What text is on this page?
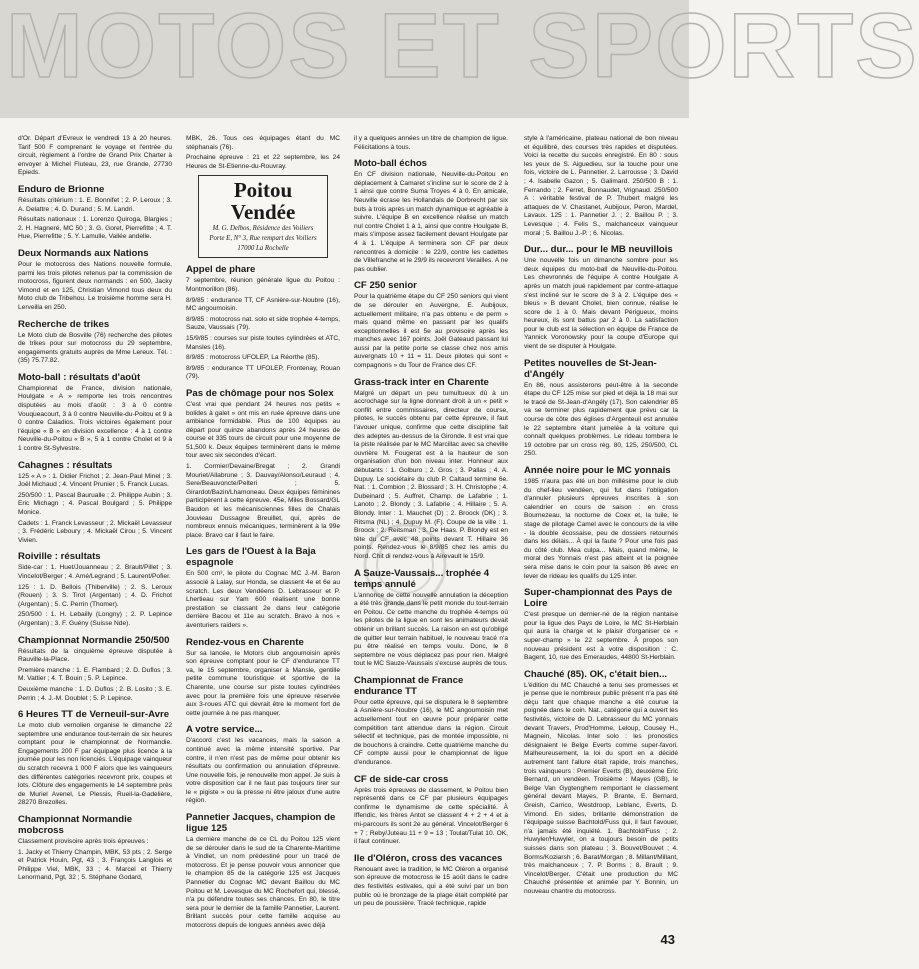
MOTOS ET SPORTS

d'Or. Départ d'Evreux le vendredi 13 à 20 heures. Tarif 500 F comprenant le voyage et l'entrée du circuit, règlement à l'ordre de Grand Prix Charter à envoyer à Michel Fluteau, 23, rue Grande, 27730 Epieds.

Enduro de Brionne

Résultats critérium : 1. E. Bonnifet ; 2. P. Leroux ; 3. A. Delattre ; 4. D. Durand ; 5. M. Landri.

Résultats nationaux : 1. Lorenzo Quiroga, Blargies ; 2. H. Hagneré, MC 50 ; 3. G. Goret, Pierrefitte ; 4. T. Hue, Pierrefitte ; 5. Y. Lamulle, Vallée andelle.

Deux Normands aux Nations

Pour le motocross des Nations nouvelle formule, parmi les trois pilotes retenus par la commission de motocross, figurent deux normands : en 500, Jacky Vimond et en 125, Christian Vimond tous deux du Moto club de Tribehou. Le troisième homme sera H. Lerveilla en 250.

Recherche de trikes

Le Moto club de Bosville (76) recherche des pilotes de trikes pour sur motocross du 29 septembre, engagements gratuits auprès de Mme Lereux. Tél. : (35) 75.77.82.

Moto-ball : résultats d'août

Championnat de France, division nationale, Houlgate « A » remporte les trois rencontres disputées au mois d'août : 3 à 0 contre Vouqueacourt, 3 à 0 contre Neuville-du-Poitou et 9 à 0 contre Caladios. Trois victoires également pour l'équipe « B » en division excellence : 4 à 1 contre Neuville-du-Poitou « B », 5 à 1 contre Cholet et 9 à 1 contre St-Sylvestre.

Cahagnes : résultats

125 « A » : 1. Didier Frichot ; 2. Jean-Paul Minel ; 3. Joël Michaud ; 4. Vincent Prunier ; 5. Franck Lucas.

250/500 : 1. Pascal Baurualle ; 2. Philippe Aubin ; 3. Eric Michagn ; 4. Pascal Boulgard ; 5. Philippe Monice.

Cadets : 1. Franck Levasseur ; 2. Mickaël Levasseur ; 3. Frédéric Leboury ; 4. Mickaël Cirou ; 5. Vincent Vivien.

Roiville : résultats

Side-car : 1. Huet/Jouanneau ; 2. Brault/Pillet ; 3. Vincelot/Berger ; 4. Amé/Legrand ; 5. Laurent/Pofier.

125 : 1. D. Bellois (Thiberville) ; 2. S. Leroux (Rouen) ; 3. S. Tirot (Argentan) ; 4. D. Frichot (Argentan) ; 5. C. Perrin (Thomer).

250/500 : 1. H. Lebailly (Longny) ; 2. P. Lepince (Argentan) ; 3. F. Guény (Suisse Nde).

Championnat Normandie 250/500

Résultats de la cinquième épreuve disputée à Rauville-la-Place.

Première manche : 1. E. Flambard ; 2. D. Duflos ; 3. M. Vattier ; 4. T. Bouin ; 5. P. Lepince.

Deuxième manche : 1. D. Duflos ; 2. B. Losito ; 3. E. Perrin ; 4. J.-M. Doublet ; 5. P. Lepince.

6 Heures TT de Verneuil-sur-Avre

Le moto club vernolien organise le dimanche 22 septembre une endurance tout-terrain de six heures comptant pour le championnat de Normandie. Engagements 200 F par équipage plus licence à la journée pour les non licenciés. L'équipage vainqueur du scratch recevra 1 000 F alors que les vainqueurs des différentes catégories recevront prix, coupes et lots. Clôture des engagements le 14 septembre près de Muriel Avenel, Le Plessis, Rueil-la-Gadelière, 28270 Brezolles.

Championnat Normandie mobcross

Classement provisoire après trois épreuves :

1. Jacky et Thierry Champin, MBK, 53 pts ; 2. Serge et Patrick Houin, Pgt, 43 ; 3. François Langlois et Philippe Viel, MBK, 33 ; 4. Marcel et Thierry Lenormand, Pgt, 32 ; 5. Stéphane Godard,

MBK, 26. Tous ces équipages étant du MC stéphanais (76).

Prochaine épreuve : 21 et 22 septembre, les 24 Heures de St-Etienne-du-Rouvray.

Poitou
Vendée
M. G. Delbos, Résidence des Voiliers
Porte E, N° 3, Rue rempart des Voiliers
17000 La Rochelle
Appel de phare

7 septembre, réunion générale ligue du Poitou : Montmorillon (86).

8/9/85 : endurance TT, CF Asnière-sur-Noubre (16), MC angoumoisin.

8/9/85 : motocross nat. solo et side trophée 4-temps, Sauze, Vaussais (79).

15/9/85 : courses sur piste toutes cylindrées et ATC, Mansles (16).

8/9/85 : motocross UFOLEP, La Réorthe (85).

8/9/85 : endurance TT UFOLEP, Frontenay, Rouan (79).

Pas de chômage pour nos Solex

C'est vrai que pendant 24 heures nos petits « bolides à galet » ont mis en ruée épreuve dans une ambiance formidable. Plus de 100 équipes au départ pour quinze abandons après 24 heures de course et 335 tours de circuit pour une moyenne de 51,500 k. Deux équipes terminèrent dans le même tour avec six secondes d'écart.

1. Cormier/Devaine/Bregat ; 2. Grandi Mouriet/Allabrune ; 3. Dauvay/Alonso/Leuraud ; 4. Sere/Beauvoncte/Pelteri ; 5. Girardot/Bazin/Lhamoneau. Deux équipes féminines participèrent à cette épreuve. 45e, Miles Bossard/GL Baudon et les mécanisciennes filles de Chalais Jouvieau Dussagne Breuillet, qui, après de nombreux ennuis mécaniques, terminèrent à la 99e place. Bravo car il faut le faire.

Les gars de l'Ouest à la Baja espagnole

En 500 cm³, le pilote du Cognac MC J.-M. Baron associé à Lalay, sur Honda, se classent 4e et 6e au scratch. Les deux Vendéens D. Lebrasseur et P. Lhertieau sur Yam 600 réalisent une bonne prestation se classant 2e dans leur catégorie derrière Bacou et 11e au scratch. Bravo à nos « aventuriers raiders ».

Rendez-vous en Charente

Sur sa lancée, le Motors club angoumoisin après son épreuve comptant pour le CF d'endurance TT va, le 15 septembre, organiser à Mansle, gentille petite commune touristique et sportive de la Charente, une course sur piste toutes cylindrées avec pour la première fois une épreuve réservée aux 3-roues ATC qui devrait être le moment fort de cette journée à ne pas manquer.

A votre service...

D'accord c'est les vacances, mais la saison a continué avec la même intensité sportive. Par contre, il n'en n'est pas de même pour obtenir les résultats ou confirmation ou annulation d'épreuve. Une nouvelle fois, je renouvelle mon appel. Je suis à votre disposition car il ne faut pas toujours tirer sur le « pigiste » ou la presse ni être jaloux d'une autre région.

Pannetier Jacques, champion de ligue 125

La dernière manche de ce CL du Poitou 125 vient de se dérouler dans le sud de la Charente-Maritime à Vindlet, un nom prédestiné pour un tracé de motocross. Et je pense pouvoir vous annoncer que le champion 85 de la catégorie 125 est Jacques Pannetier du Cognac MC devant Baillou du MC Poitou et M. Levesque du MC Rochefort qui, blessé, n'a pu défendre toutes ses chances. En 80, le titre sera pour le dernier de la famille Pannetier, Laurent. Brillant succès pour cette famille acquise au motocross depuis de longues années avec déjà

il y a quelques années un titre de champion de ligue. Félicitations à tous.

Moto-ball échos

En CF division nationale, Neuville-du-Poitou en déplacement à Camaret s'incline sur le score de 2 à 1 ainsi que contre Suma Troyes 4 à 0. En amicale, Neuville écrase les Hollandais de Dorbrecht par six buts à trois après un match dynamique et agréable à suivre. L'équipe B en excellence réalise un match nul contre Cholet 1 à 1, ainsi que contre Houlgate B, mais s'impose assez facilement devant Houlgate par 4 à 1. L'équipe A terminera son CF par deux rencontres à domicile : le 22/9, contre les cadettes de Villefranche et le 29/9 ils recevront Verailles. A ne pas oublier.

CF 250 senior

Pour la quatrième étape du CF 250 seniors qui vient de se dérouler en Auvergne, E. Aubijoux, actuellement militaire, n'a pas obtenu « de perm » mais quand même en passant par les qualifs exceptionnelles il est 5e au provisoire après les manches avec 167 points. Joël Gateaud passant lui aussi par la petite porte se classe chez nos amis auvergnats 10 + 11 = 11. Deux pilotes qui sont « compagnons » du Tour de France des CF.

Grass-track inter en Charente

Malgré un départ un peu tumultueux dû à un accrochage sur la ligne donnant droit à un « petit » conflit entre commissaires, directeur de course, pilotes, le succès obtenu par cette épreuve, il faut l'avouer unique, confirme que cette discipline fait des adeptes au-dessus de la Gironde. Il est vrai que la piste réalisée par le MC Marcillac avec sa cheville ouvrière M. Fougerat est à la hauteur de son organisation d'un bon niveau inter. Honneur aux débutants : 1. Golburo ; 2. Gros ; 3. Pallas ; 4. A. Dupuy. Le sociétaire du club P. Caltaud termine 6e. Nat. : 1. Combion ; 2. Blossard ; 3. H. Christophe ; 4. Dubeinard ; 5. Auffret, Champ. de Lafabrie ; 1. Lanoto ; 2. Blondy ; 3. Lafabrie ; 4. Hillaire ; 5. A. Blondy. Inter : 1. Mauchet (D) ; 2. Broock (DK) ; 3. Ritsma (NL) ; 4. Dupuy M. (F). Coupe de la ville : 1. Broock ; 2. Reitsman ; 3. De Haas. P. Blondy est en tête du CF avec 48 points devant T. Hillaire 36 points. Rendez-vous le 8/9/85 chez les amis du Nord. Chit di rendez-vous à Airevault le 15/9.

A Sauze-Vaussais... trophée 4 temps annulé

L'annonce de cette nouvelle annulation la déception a été très grande dans le petit monde du tout-terrain en Poitou. Ce cette manche du trophée 4-temps où les pilotes de la ligue en sont les animateurs devait obtenir un brillant succès. La raison en est qu'obligé de quitter leur terrain habituel, le nouveau tracé n'a pu être réalisé en temps voulu. Donc, le 8 septembre ne vous déplacez pas pour rien. Malgré tout le MC Sauze-Vaussais s'excuse auprès de tous.

Championnat de France endurance TT

Pour cette épreuve, qui se disputera le 8 septembre à Asnière-sur-Noubre (16), le MC angoumoisin met actuellement tout en œuvre pour préparer cette compétition tant attendue dans la région. Circuit sélectif et technique, pas de montée impossible, ni de bouchons à craindre. Cette quatrième manche du CF compte aussi pour le championnat de ligue d'endurance.

CF de side-car cross

Après trois épreuves de classement, le Poitou bien représenté dans ce CF par plusieurs équipages confirme le dynamisme de cette spécialité. À Iffendic, les frères Antot se classent 4 + 2 + 4 et à mi-parcours ils sont 2e au général. Vincelot/Berger 6 + 7 ; Reby/Juteau 11 + 9 = 13 ; Toulat/Tulat 10. OK, il faut continuer.

Ile d'Oléron, cross des vacances

Renouant avec la tradition, le MC Oléron a organisé son épreuve de motocross le 15 août dans le cadre des festivités estivales, qui a été suivi par un bon public où le bronzage de la plage était complété par un peu de poussière. Tracé technique, rapide

style à l'américaine, plateau national de bon niveau et équilibré, des courses très rapides et disputées. Voici la recette du succès enregistré. En 80 : sous les yeux de S. Aiguedieu, sur la touche pour une fois, victoire de L. Pannetier. 2. Larrousse ; 3. David ; 4. Isabelle Gazon ; 5. Galimard. 250/500 B : 1. Ferrando ; 2. Ferret, Bonnaudet, Vrignaud. 250/500 A : véritable festival de P. Thubert malgré les attaques de V. Chastanet, Aubijoux, Peron, Mardel, Lavaux. 125 : 1. Pannetier J. ; 2. Baillou P. ; 3. Levesque ; 4. Felis S., malchanceux vainqueur moral ; 5. Baillou J.-P. ; 6. Nicolas.

Dur... dur... pour le MB neuvillois

Une nouvelle fois un dimanche sombre pour les deux équipes du moto-ball de Neuville-du-Poitou. Les chevronnés de l'équipe A contre Houlgate A après un match joué rapidement par contre-attaque s'est incliné sur le score de 3 à 2. L'équipe des « bleus » B devant Cholet, bien connue, réalise le score de 1 à 0. Mais devant Périgueux, moins heureux, ils sont battus par 2 à 0. La satisfaction pour le club est la sélection en équipe de France de Yannick Voronowsky pour la coupe d'Europe qui vient de se disputer à Houlgate.

Petites nouvelles de St-Jean-d'Angély

En 86, nous assisterons peut-être à la seconde étape du CF 125 mise sur pied et déjà la 18 mai sur le tracé de St-Jean-d'Angély (17). Son calendrier 85 va se terminer plus rapidement que prévu car la course de côte des églises d'Argenteuil est annulée le 22 septembre étant jumelée à la voiture qui connaît quelques problèmes. Le rideau tombera le 19 octobre par un cross rég. 80, 125, 250/500, CL 250.

Année noire pour le MC yonnais

1985 n'aura pas été un bon millésime pour le club du chef-lieu vendéen, qui fut dans l'obligation d'annuler plusieurs épreuves inscrites à son calendrier en cours de saison : en cross Bournezeau, la nocturne de Coex et, la tuile, le stage de pilotage Camel avec le concours de la ville - la double écossaise, peu de dossiers retournés dans les délais... À qui la faute ? Pour une fois pas du côté club. Mea culpa... Mais, quand même, le moral des Yonnais n'est pas atteint et la poignée sera mise dans le coin pour la saison 86 avec en lever de rideau les qualifs du 125 inter.

Super-championnat des Pays de Loire

C'est presque un dernier-né de la région nantaise pour la ligue des Pays de Loire, le MC St-Herblain qui aura la charge et le plaisir d'organiser ce « super-champ » le 22 septembre. À propos son nouveau président est à votre disposition : C. Bagent, 10, rue des Emeraudes, 44800 St-Herblain.

Chauché (85). OK, c'était bien...

L'édition du MC Chauché a tenu ses promesses et je pense que le nombreux public présent n'a pas été déçu tant que chaque manche a été courue la poignée dans le coin. Nat., catégorie qui a ouvert les festivités, victoire de D. Lebrasseur du MC yonnais devant Travers, Prod'Homme, Leloup, Cousey H., Magnein, Nicolas. Inter solo : les pronostics désignaient le Belge Everts comme super-favori. Malheureusement, la loi du sport en a décidé autrement tant l'allure était rapide, trois manches, trois vainqueurs : Premier Everts (B), deuxième Eric Bernard, un vendéen. Troisième : Mayes (GB), le Belge Van Gygtenghem remportant le classement général devant Mayes, P. Brante, E. Bernard, Greish, Carrico, Westdroop, Leblanc, Everts, D. Vimond. En sides, brillante démonstration de l'équipage suisse Bachtold/Fuss qui, il faut l'avouer, n'a jamais été inquiété. 1. Bachtold/Fuss ; 2. Huwyler/Huwyler, on a toujours besoin de petits suisses dans son plateau ; 3. Bouvet/Bouvet ; 4. Borms/Koziarsh ; 6. Barat/Morgan ; 8. Millant/Millant, très malchanceux ; 7. P. Borms ; 8. Brault ; 9. Vincelot/Berger. C'était une production du MC Chauché présentée et animée par Y. Bonnin, un nouveau chantre du motocross.

43
